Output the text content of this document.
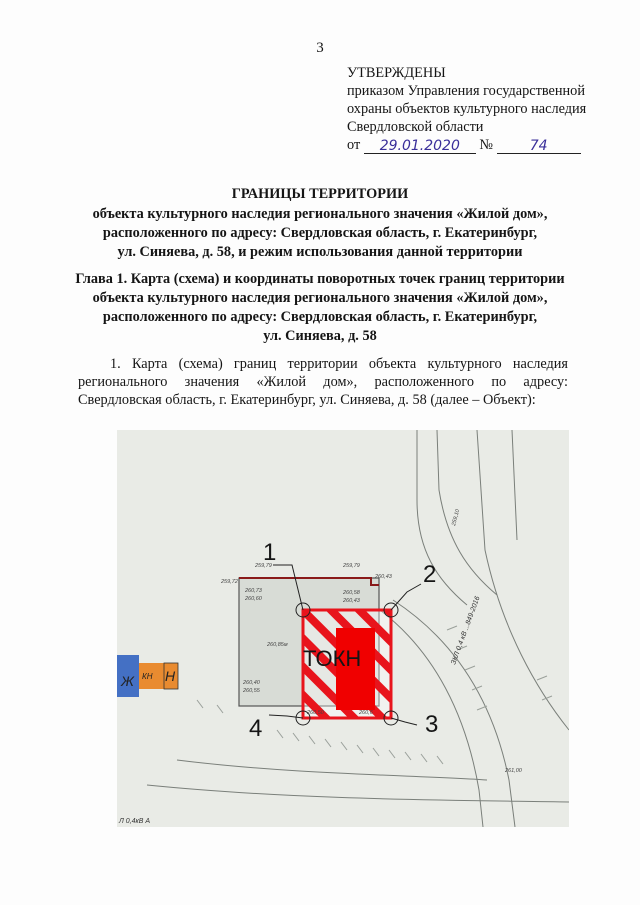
3
УТВЕРЖДЕНЫ
приказом Управления государственной
охраны объектов культурного наследия
Свердловской области
от 29.01.2020 №	74
ГРАНИЦЫ ТЕРРИТОРИИ
объекта культурного наследия регионального значения «Жилой дом»,
расположенного по адресу: Свердловская область, г. Екатеринбург,
ул. Синяева, д. 58, и режим использования данной территории
Глава 1. Карта (схема) и координаты поворотных точек границ территории
объекта культурного наследия регионального значения «Жилой дом»,
расположенного по адресу: Свердловская область, г. Екатеринбург,
ул. Синяева, д. 58
1. Карта (схема) границ территории объекта культурного наследия регионального значения «Жилой дом», расположенного по адресу: Свердловская область, г. Екатеринбург, ул. Синяева, д. 58 (далее – Объект):
Ж КН Н
ТОКН
1
2
3
4
259,72
259,79	259,79
260,43
260,73
260,60
260,58
260,43
260,85м
260,40
260,55
260,50	260,6
261,00
259,10
ЗКЛ 0,4 кВ ...849-2016
Л 0,4кВ А
